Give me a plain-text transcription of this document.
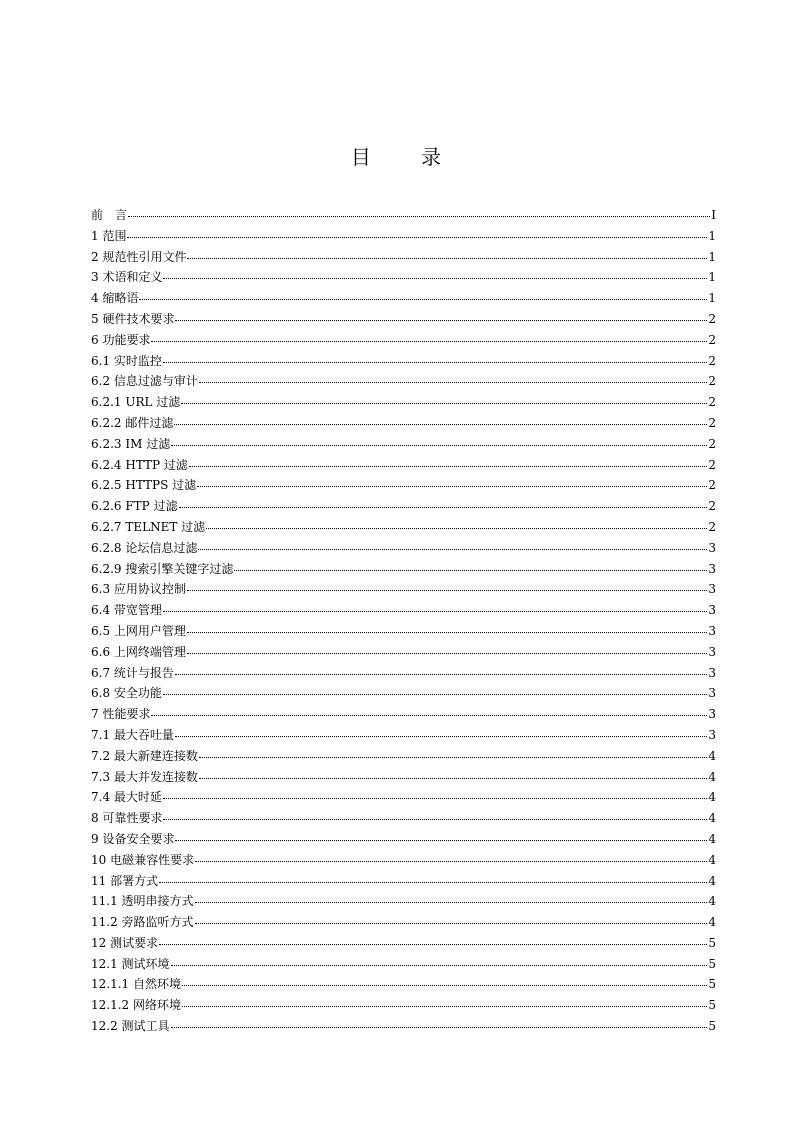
目 录
前　言	I
1 范围	1
2 规范性引用文件	1
3 术语和定义	1
4 缩略语	1
5 硬件技术要求	2
6 功能要求	2
6.1 实时监控	2
6.2 信息过滤与审计	2
6.2.1 URL 过滤	2
6.2.2 邮件过滤	2
6.2.3 IM 过滤	2
6.2.4 HTTP 过滤	2
6.2.5 HTTPS 过滤	2
6.2.6 FTP 过滤	2
6.2.7 TELNET 过滤	2
6.2.8 论坛信息过滤	3
6.2.9 搜索引擎关键字过滤	3
6.3 应用协议控制	3
6.4 带宽管理	3
6.5 上网用户管理	3
6.6 上网终端管理	3
6.7 统计与报告	3
6.8 安全功能	3
7 性能要求	3
7.1 最大吞吐量	3
7.2 最大新建连接数	4
7.3 最大并发连接数	4
7.4 最大时延	4
8 可靠性要求	4
9 设备安全要求	4
10 电磁兼容性要求	4
11 部署方式	4
11.1 透明串接方式	4
11.2 旁路监听方式	4
12 测试要求	5
12.1 测试环境	5
12.1.1 自然环境	5
12.1.2 网络环境	5
12.2 测试工具	5
